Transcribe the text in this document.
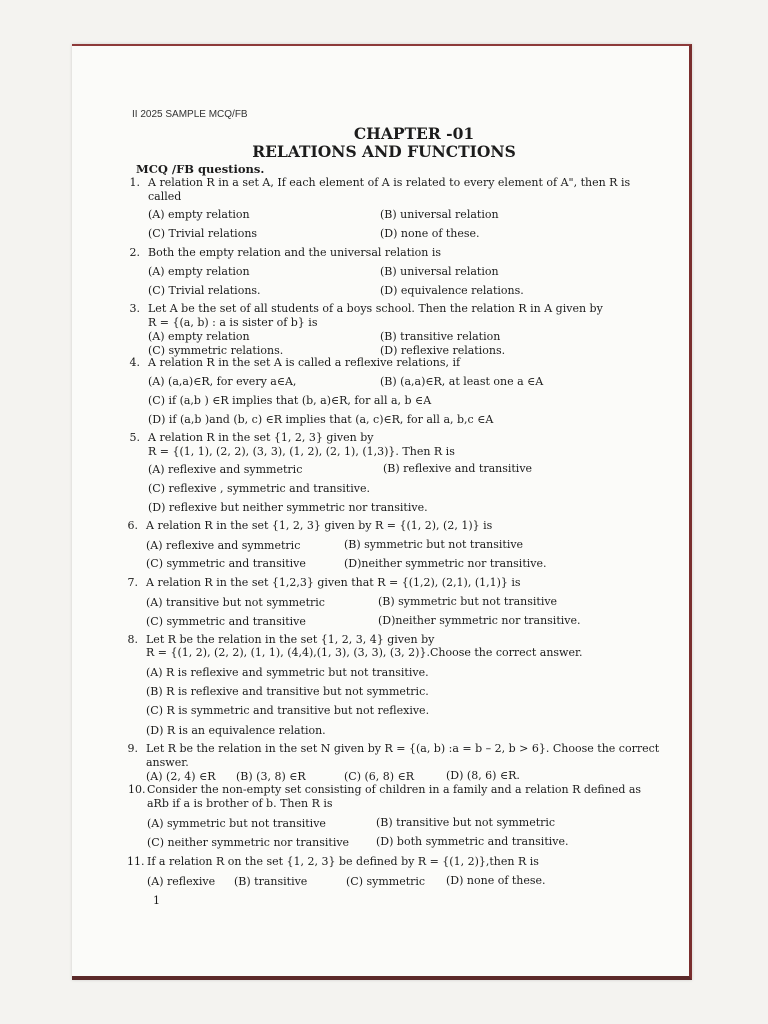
II 2025 SAMPLE MCQ/FB
CHAPTER -01
RELATIONS AND FUNCTIONS
MCQ /FB questions.
1. A relation R in a set A, If each element of A is related to every element of A", then R is
called
(A) empty relation	(B) universal relation
(C) Trivial relations	(D) none of these.
2. Both the empty relation and the universal relation is
(A) empty relation	(B) universal relation
(C) Trivial relations.	(D) equivalence relations.
3. Let A be the set of all students of a boys school. Then the relation R in A given by
R = {(a, b) : a is sister of b} is
(A) empty relation	(B) transitive relation
(C) symmetric relations.	(D) reflexive relations.
4. A relation R in the set A is called a reflexive relations, if
(A) (a,a)∈R, for every a∈A,	(B) (a,a)∈R, at least one a ∈A
(C) if (a,b ) ∈R implies that (b, a)∈R, for all a, b ∈A
(D) if (a,b )and (b, c) ∈R implies that (a, c)∈R, for all a, b,c ∈A
5. A relation R in the set {1, 2, 3} given by
R = {(1, 1), (2, 2), (3, 3), (1, 2), (2, 1), (1,3)}. Then R is
(A) reflexive and symmetric	(B) reflexive and transitive
(C) reflexive , symmetric and transitive.
(D) reflexive but neither symmetric nor transitive.
6. A relation R in the set {1, 2, 3} given by R = {(1, 2), (2, 1)} is
(A) reflexive and symmetric	(B) symmetric but not transitive
(C) symmetric and transitive	(D)neither symmetric nor transitive.
7. A relation R in the set {1,2,3} given that R = {(1,2), (2,1), (1,1)} is
(A) transitive but not symmetric	(B) symmetric but not transitive
(C) symmetric and transitive	(D)neither symmetric nor transitive.
8. Let R be the relation in the set {1, 2, 3, 4} given by
R = {(1, 2), (2, 2), (1, 1), (4,4),(1, 3), (3, 3), (3, 2)}.Choose the correct answer.
(A) R is reflexive and symmetric but not transitive.
(B) R is reflexive and transitive but not symmetric.
(C) R is symmetric and transitive but not reflexive.
(D) R is an equivalence relation.
9. Let R be the relation in the set N given by R = {(a, b) :a = b – 2, b > 6}. Choose the correct
answer.
(A) (2, 4) ∈R (B) (3, 8) ∈R	(C) (6, 8) ∈R	(D) (8, 6) ∈R.
10. Consider the non-empty set consisting of children in a family and a relation R defined as
aRb if a is brother of b. Then R is
(A) symmetric but not transitive	(B) transitive but not symmetric
(C) neither symmetric nor transitive (D) both symmetric and transitive.
11. If a relation R on the set {1, 2, 3} be defined by R = {(1, 2)},then R is
(A) reflexive (B) transitive	(C) symmetric (D) none of these.
1
